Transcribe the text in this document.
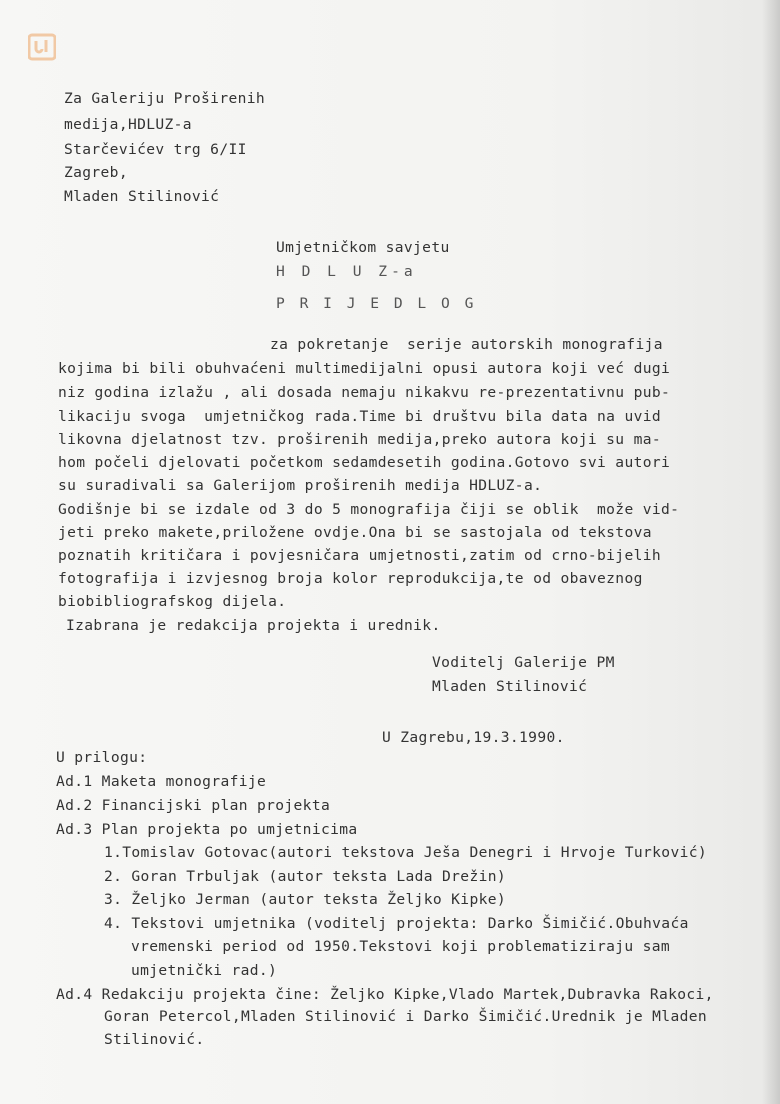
Za Galeriju Proširenih
medija,HDLUZ-a
Starčevićev trg 6/II
Zagreb,
Mladen Stilinović
Umjetničkom savjetu
H D L U Z-a
P R I J E D L O G
za pokretanje  serije autorskih monografija
kojima bi bili obuhvaćeni multimedijalni opusi autora koji već dugi
niz godina izlažu , ali dosada nemaju nikakvu re-prezentativnu pub-
likaciju svoga  umjetničkog rada.Time bi društvu bila data na uvid
likovna djelatnost tzv. proširenih medija,preko autora koji su ma-
hom počeli djelovati početkom sedamdesetih godina.Gotovo svi autori
su suradivali sa Galerijom proširenih medija HDLUZ-a.
Godišnje bi se izdale od 3 do 5 monografija čiji se oblik  može vid-
jeti preko makete,priložene ovdje.Ona bi se sastojala od tekstova
poznatih kritičara i povjesničara umjetnosti,zatim od crno-bijelih
fotografija i izvjesnog broja kolor reprodukcija,te od obaveznog
biobibliografskog dijela.
Izabrana je redakcija projekta i urednik.
Voditelj Galerije PM
Mladen Stilinović
U Zagrebu,19.3.1990.
U prilogu:
Ad.1 Maketa monografije
Ad.2 Financijski plan projekta
Ad.3 Plan projekta po umjetnicima
1.Tomislav Gotovac(autori tekstova Ješa Denegri i Hrvoje Turković)
2. Goran Trbuljak (autor teksta Lada Drežin)
3. Željko Jerman (autor teksta Željko Kipke)
4. Tekstovi umjetnika (voditelj projekta: Darko Šimičić.Obuhvaća
vremenski period od 1950.Tekstovi koji problematiziraju sam
umjetnički rad.)
Ad.4 Redakciju projekta čine: Željko Kipke,Vlado Martek,Dubravka Rakoci,
Goran Petercol,Mladen Stilinović i Darko Šimičić.Urednik je Mladen
Stilinović.
